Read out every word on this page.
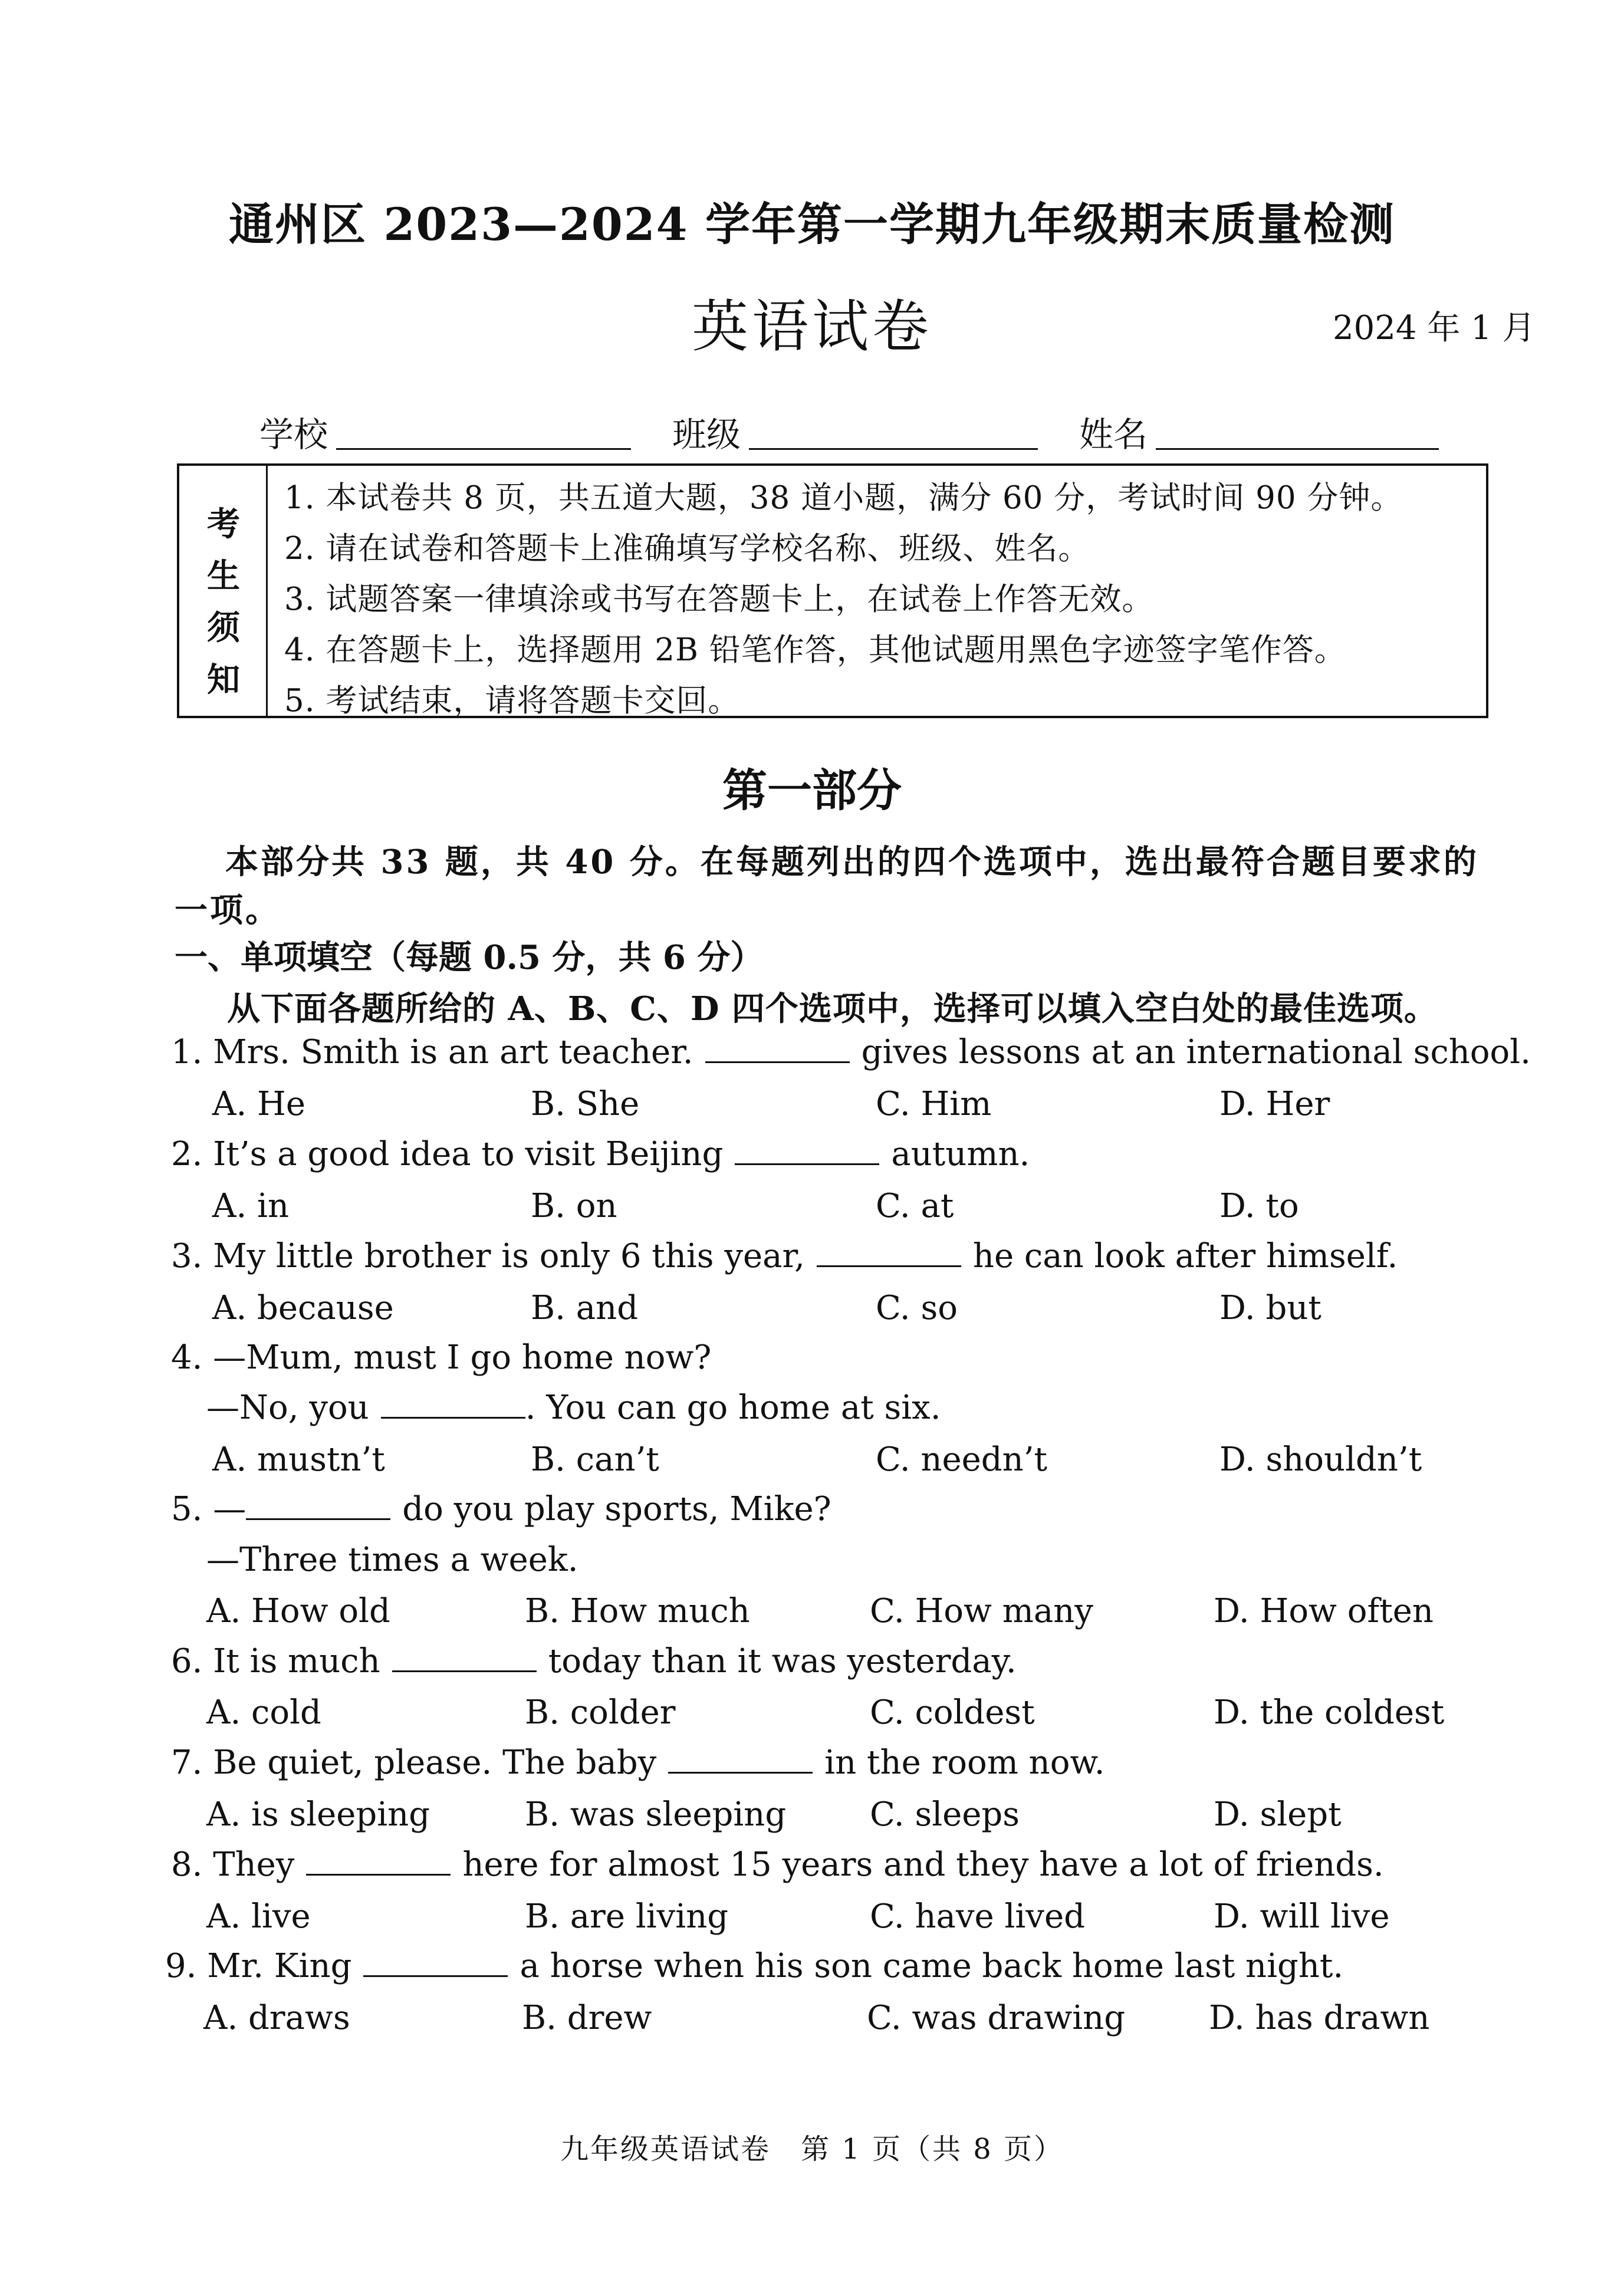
通州区 2023—2024 学年第一学期九年级期末质量检测
英语试卷	2024 年 1 月
学校	班级	姓名
考
生
须
知
1. 本试卷共 8 页，共五道大题，38 道小题，满分 60 分，考试时间 90 分钟。
2. 请在试卷和答题卡上准确填写学校名称、班级、姓名。
3. 试题答案一律填涂或书写在答题卡上，在试卷上作答无效。
4. 在答题卡上，选择题用 2B 铅笔作答，其他试题用黑色字迹签字笔作答。
5. 考试结束，请将答题卡交回。
第一部分
本部分共 33 题，共 40 分。在每题列出的四个选项中，选出最符合题目要求的
一项。
一、单项填空（每题 0.5 分，共 6 分）
从下面各题所给的 A、B、C、D 四个选项中，选择可以填入空白处的最佳选项。
1. Mrs. Smith is an art teacher.	gives lessons at an international school.
A. He	B. She	C. Him	D. Her
2. It’s a good idea to visit Beijing	autumn.
A. in	B. on	C. at	D. to
3. My little brother is only 6 this year,	he can look after himself.
A. because	B. and	C. so	D. but
4. —Mum, must I go home now?
—No, you	. You can go home at six.
A. mustn’t	B. can’t	C. needn’t	D. shouldn’t
5. —	do you play sports, Mike?
—Three times a week.
A. How old	B. How much	C. How many	D. How often
6. It is much	today than it was yesterday.
A. cold	B. colder	C. coldest	D. the coldest
7. Be quiet, please. The baby	in the room now.
A. is sleeping	B. was sleeping	C. sleeps	D. slept
8. They	here for almost 15 years and they have a lot of friends.
A. live	B. are living	C. have lived	D. will live
9. Mr. King	a horse when his son came back home last night.
A. draws	B. drew	C. was drawing	D. has drawn
九年级英语试卷　第 1 页（共 8 页）
